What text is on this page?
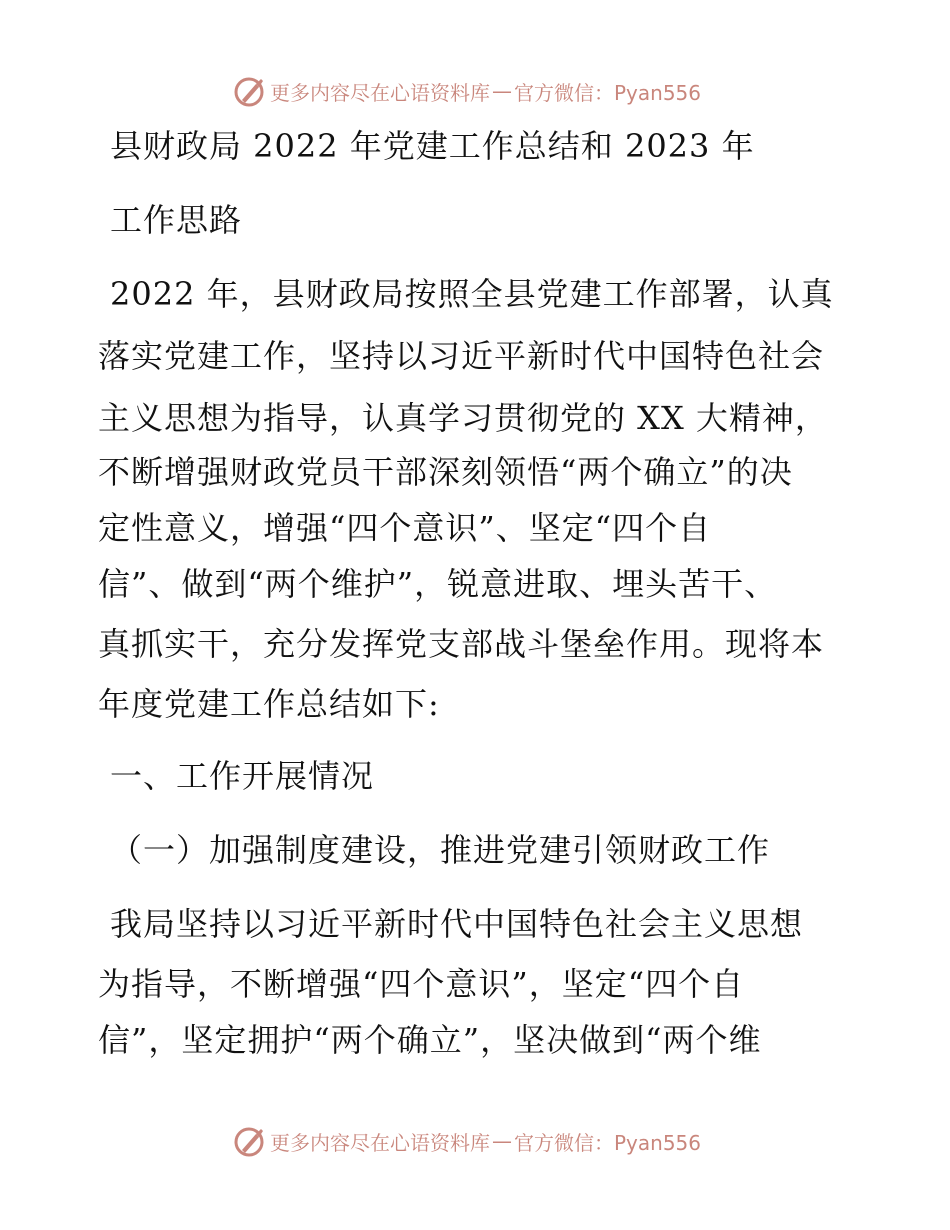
更多内容尽在心语资料库 — 官方微信：Pyan556
县财政局 2022 年党建工作总结和 2023 年
工作思路
2022 年，县财政局按照全县党建工作部署，认真
落实党建工作，坚持以习近平新时代中国特色社会
主义思想为指导，认真学习贯彻党的 XX 大精神，
不断增强财政党员干部深刻领悟“两个确立”的决
定性意义，增强“四个意识”、坚定“四个自
信”、做到“两个维护”，锐意进取、埋头苦干、
真抓实干，充分发挥党支部战斗堡垒作用。现将本
年度党建工作总结如下:
一、工作开展情况
（一）加强制度建设，推进党建引领财政工作
我局坚持以习近平新时代中国特色社会主义思想
为指导，不断增强“四个意识”，坚定“四个自
信”，坚定拥护“两个确立”，坚决做到“两个维
更多内容尽在心语资料库 — 官方微信：Pyan556
